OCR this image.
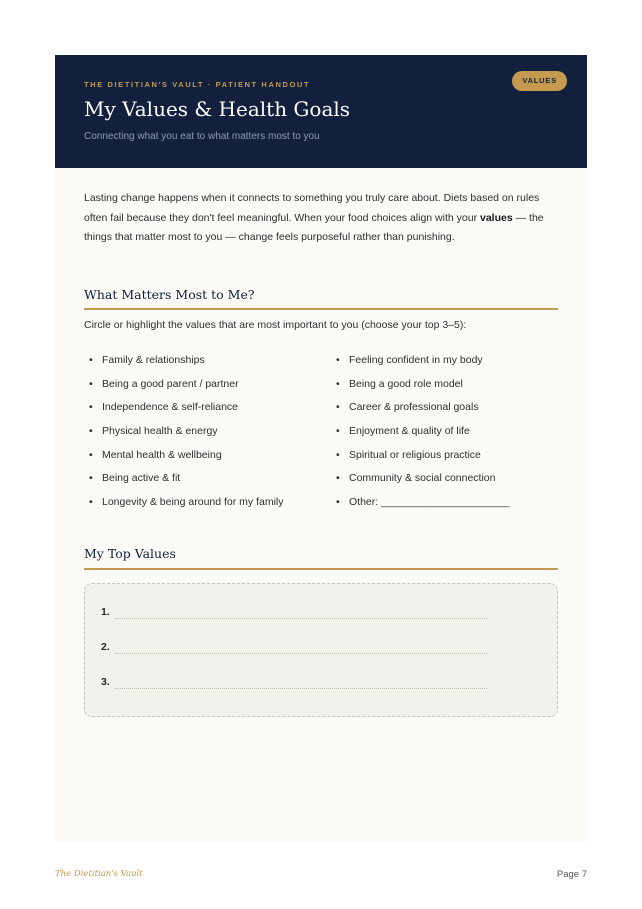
THE DIETITIAN'S VAULT · PATIENT HANDOUT	VALUES
My Values & Health Goals
Connecting what you eat to what matters most to you
Lasting change happens when it connects to something you truly care about. Diets based on rules often fail because they don't feel meaningful. When your food choices align with your values — the things that matter most to you — change feels purposeful rather than punishing.
What Matters Most to Me?
Circle or highlight the values that are most important to you (choose your top 3–5):
• Family & relationships
• Being a good parent / partner
• Independence & self-reliance
• Physical health & energy
• Mental health & wellbeing
• Being active & fit
• Longevity & being around for my family
• Feeling confident in my body
• Being a good role model
• Career & professional goals
• Enjoyment & quality of life
• Spiritual or religious practice
• Community & social connection
• Other: ______________________
My Top Values
1.
2.
3.
The Dietitian's Vault	Page 7
